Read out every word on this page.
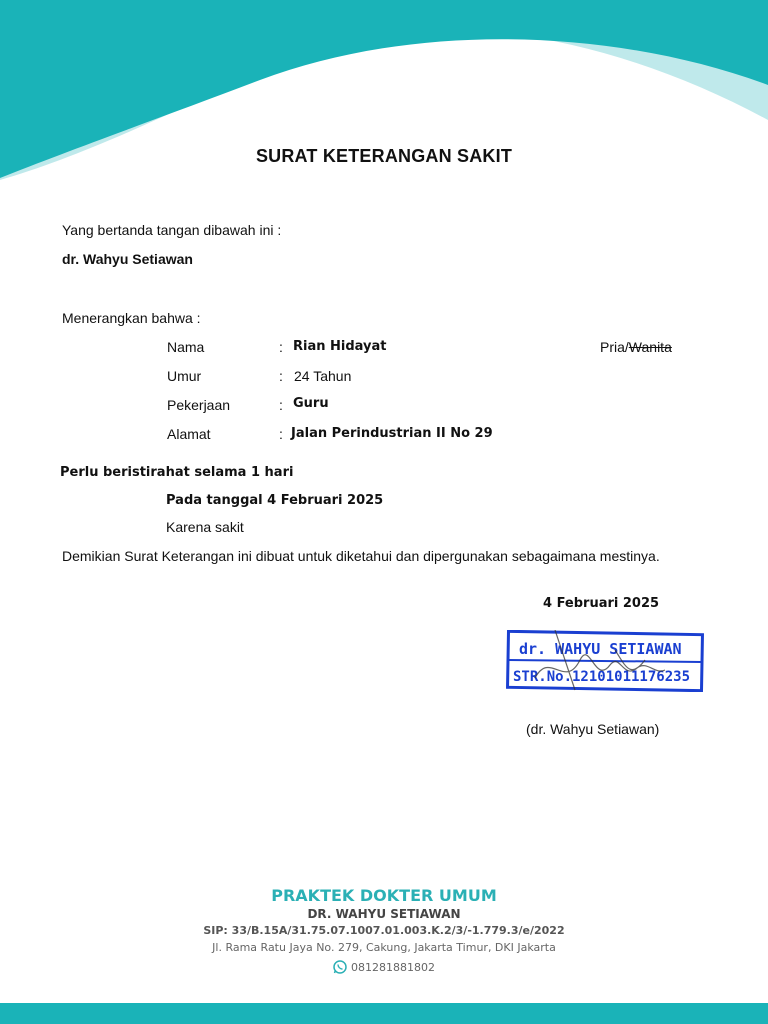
SURAT KETERANGAN SAKIT
Yang bertanda tangan dibawah ini :
dr. Wahyu Setiawan
Menerangkan bahwa :
Nama	: Rian Hidayat	Pria/Wanita
Umur	: 24 Tahun
Pekerjaan	: Guru
Alamat	: Jalan Perindustrian II No 29
Perlu beristirahat selama 1 hari
Pada tanggal 4 Februari 2025
Karena sakit
Demikian Surat Keterangan ini dibuat untuk diketahui dan dipergunakan sebagaimana mestinya.
4 Februari 2025
dr. WAHYU SETIAWAN
STR.No.12101011176235
(dr. Wahyu Setiawan)
PRAKTEK DOKTER UMUM
DR. WAHYU SETIAWAN
SIP: 33/B.15A/31.75.07.1007.01.003.K.2/3/-1.779.3/e/2022
Jl. Rama Ratu Jaya No. 279, Cakung, Jakarta Timur, DKI Jakarta
081281881802
